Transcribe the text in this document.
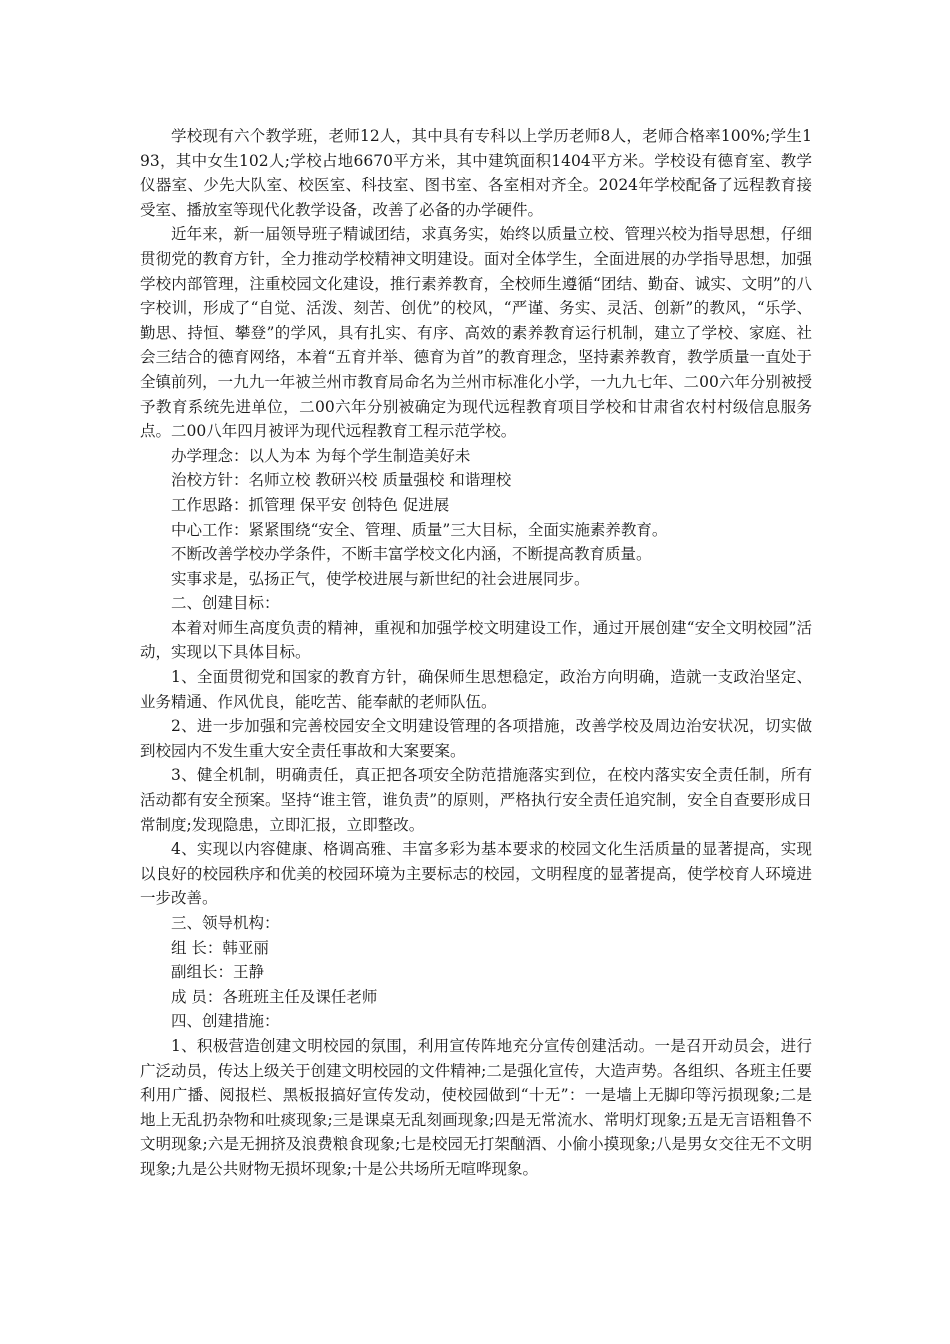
学校现有六个教学班，老师12人，其中具有专科以上学历老师8人，老师合格率100%;学生193，其中女生102人;学校占地6670平方米，其中建筑面积1404平方米。学校设有德育室、教学仪器室、少先大队室、校医室、科技室、图书室、各室相对齐全。2024年学校配备了远程教育接受室、播放室等现代化教学设备，改善了必备的办学硬件。

近年来，新一届领导班子精诚团结，求真务实，始终以质量立校、管理兴校为指导思想，仔细贯彻党的教育方针，全力推动学校精神文明建设。面对全体学生，全面进展的办学指导思想，加强学校内部管理，注重校园文化建设，推行素养教育，全校师生遵循“团结、勤奋、诚实、文明”的八字校训，形成了“自觉、活泼、刻苦、创优”的校风，“严谨、务实、灵活、创新”的教风，“乐学、勤思、持恒、攀登”的学风，具有扎实、有序、高效的素养教育运行机制，建立了学校、家庭、社会三结合的德育网络，本着“五育并举、德育为首”的教育理念，坚持素养教育，教学质量一直处于全镇前列，一九九一年被兰州市教育局命名为兰州市标准化小学，一九九七年、二00六年分别被授予教育系统先进单位，二00六年分别被确定为现代远程教育项目学校和甘肃省农村村级信息服务点。二00八年四月被评为现代远程教育工程示范学校。

办学理念：以人为本 为每个学生制造美好未

治校方针：名师立校 教研兴校 质量强校 和谐理校

工作思路：抓管理 保平安 创特色 促进展

中心工作：紧紧围绕“安全、管理、质量”三大目标，全面实施素养教育。

不断改善学校办学条件，不断丰富学校文化内涵，不断提高教育质量。

实事求是，弘扬正气，使学校进展与新世纪的社会进展同步。

二、创建目标：

本着对师生高度负责的精神，重视和加强学校文明建设工作，通过开展创建“安全文明校园”活动，实现以下具体目标。

1、全面贯彻党和国家的教育方针，确保师生思想稳定，政治方向明确，造就一支政治坚定、业务精通、作风优良，能吃苦、能奉献的老师队伍。

2、进一步加强和完善校园安全文明建设管理的各项措施，改善学校及周边治安状况，切实做到校园内不发生重大安全责任事故和大案要案。

3、健全机制，明确责任，真正把各项安全防范措施落实到位，在校内落实安全责任制，所有活动都有安全预案。坚持“谁主管，谁负责”的原则，严格执行安全责任追究制，安全自查要形成日常制度;发现隐患，立即汇报，立即整改。

4、实现以内容健康、格调高雅、丰富多彩为基本要求的校园文化生活质量的显著提高，实现以良好的校园秩序和优美的校园环境为主要标志的校园，文明程度的显著提高，使学校育人环境进一步改善。

三、领导机构：

组 长：韩亚丽

副组长：王静

成 员：各班班主任及课任老师

四、创建措施：

1、积极营造创建文明校园的氛围，利用宣传阵地充分宣传创建活动。一是召开动员会，进行广泛动员，传达上级关于创建文明校园的文件精神;二是强化宣传，大造声势。各组织、各班主任要利用广播、阅报栏、黑板报搞好宣传发动，使校园做到“十无”：一是墙上无脚印等污损现象;二是地上无乱扔杂物和吐痰现象;三是课桌无乱刻画现象;四是无常流水、常明灯现象;五是无言语粗鲁不文明现象;六是无拥挤及浪费粮食现象;七是校园无打架酗酒、小偷小摸现象;八是男女交往无不文明现象;九是公共财物无损坏现象;十是公共场所无喧哗现象。
